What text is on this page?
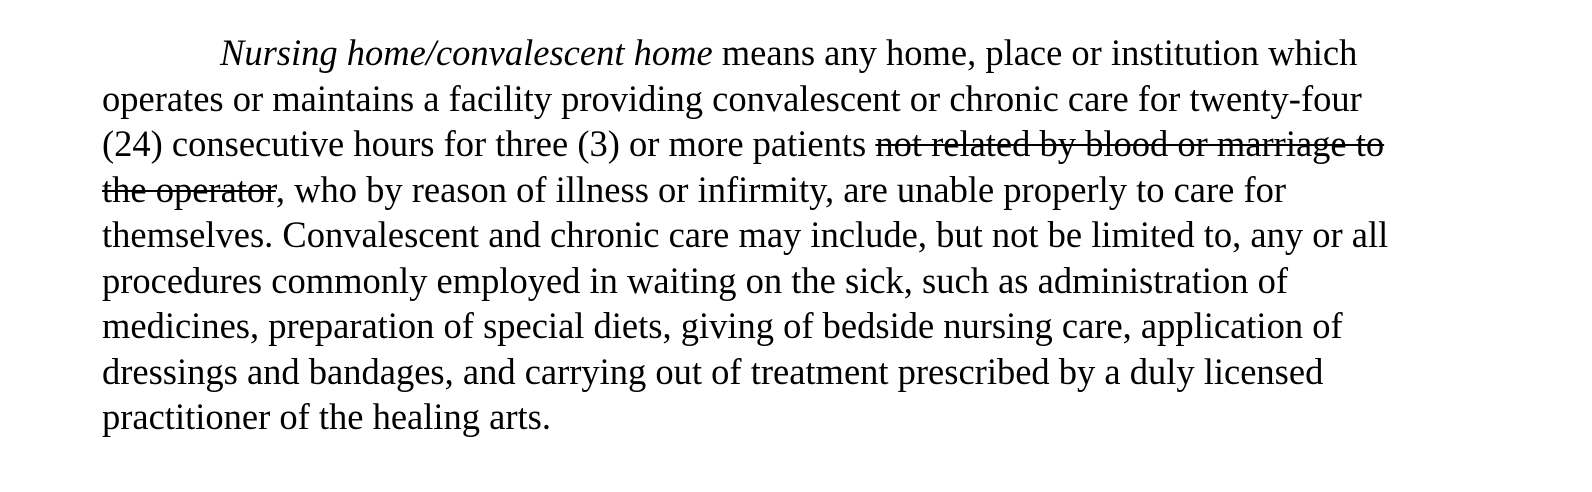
Nursing home/convalescent home means any home, place or institution which
operates or maintains a facility providing convalescent or chronic care for twenty-four
(24) consecutive hours for three (3) or more patients not related by blood or marriage to
the operator, who by reason of illness or infirmity, are unable properly to care for
themselves. Convalescent and chronic care may include, but not be limited to, any or all
procedures commonly employed in waiting on the sick, such as administration of
medicines, preparation of special diets, giving of bedside nursing care, application of
dressings and bandages, and carrying out of treatment prescribed by a duly licensed
practitioner of the healing arts.
